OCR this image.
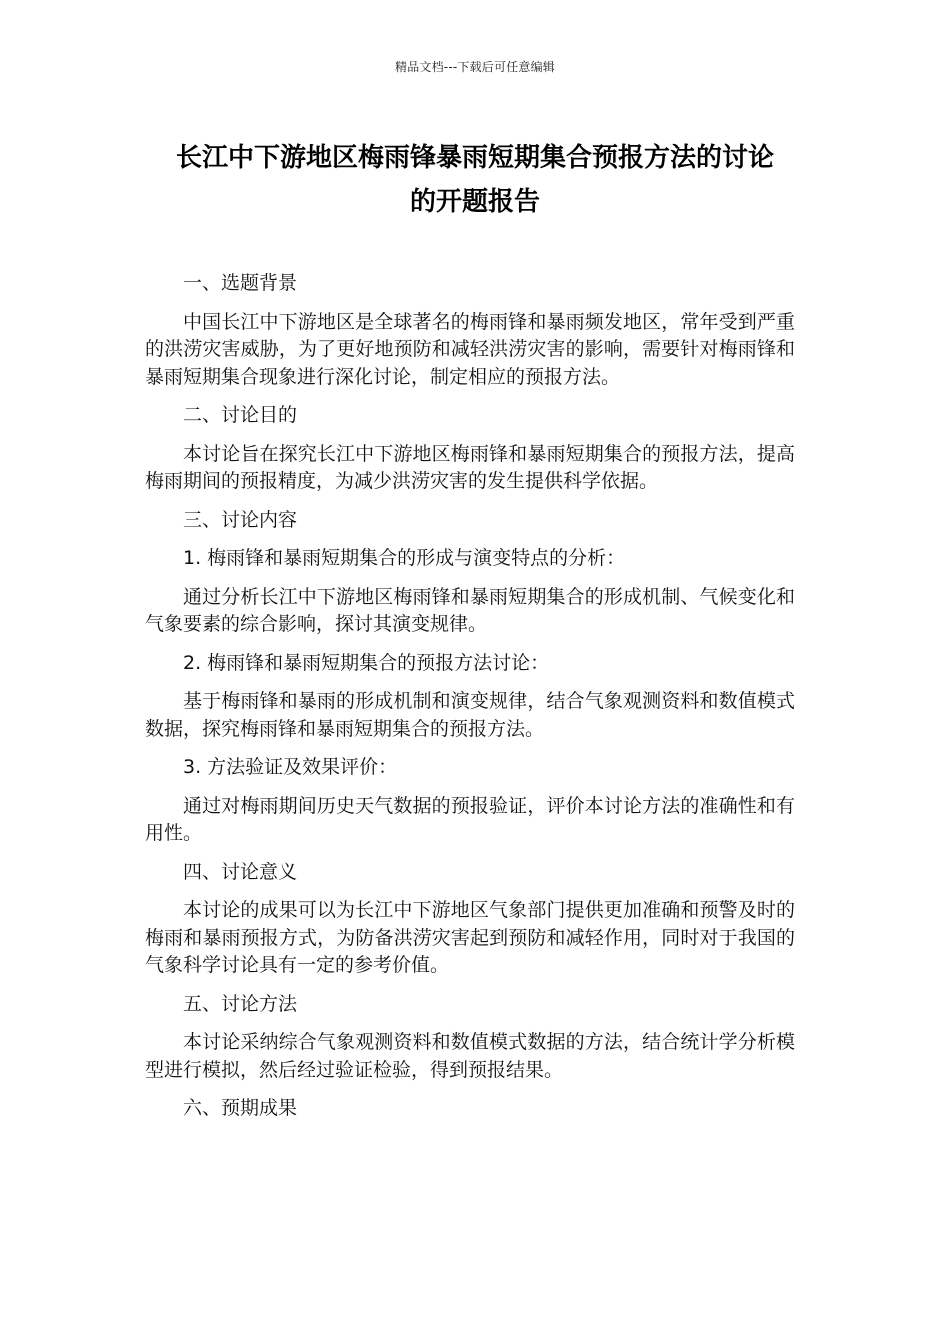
精品文档---下载后可任意编辑
长江中下游地区梅雨锋暴雨短期集合预报方法的讨论
的开题报告

一、选题背景

中国长江中下游地区是全球著名的梅雨锋和暴雨频发地区，常年受到严重的洪涝灾害威胁，为了更好地预防和减轻洪涝灾害的影响，需要针对梅雨锋和暴雨短期集合现象进行深化讨论，制定相应的预报方法。

二、讨论目的

本讨论旨在探究长江中下游地区梅雨锋和暴雨短期集合的预报方法，提高梅雨期间的预报精度，为减少洪涝灾害的发生提供科学依据。

三、讨论内容

1. 梅雨锋和暴雨短期集合的形成与演变特点的分析：

通过分析长江中下游地区梅雨锋和暴雨短期集合的形成机制、气候变化和气象要素的综合影响，探讨其演变规律。

2. 梅雨锋和暴雨短期集合的预报方法讨论：

基于梅雨锋和暴雨的形成机制和演变规律，结合气象观测资料和数值模式数据，探究梅雨锋和暴雨短期集合的预报方法。

3. 方法验证及效果评价：

通过对梅雨期间历史天气数据的预报验证，评价本讨论方法的准确性和有用性。

四、讨论意义

本讨论的成果可以为长江中下游地区气象部门提供更加准确和预警及时的梅雨和暴雨预报方式，为防备洪涝灾害起到预防和减轻作用，同时对于我国的气象科学讨论具有一定的参考价值。

五、讨论方法

本讨论采纳综合气象观测资料和数值模式数据的方法，结合统计学分析模型进行模拟，然后经过验证检验，得到预报结果。

六、预期成果
